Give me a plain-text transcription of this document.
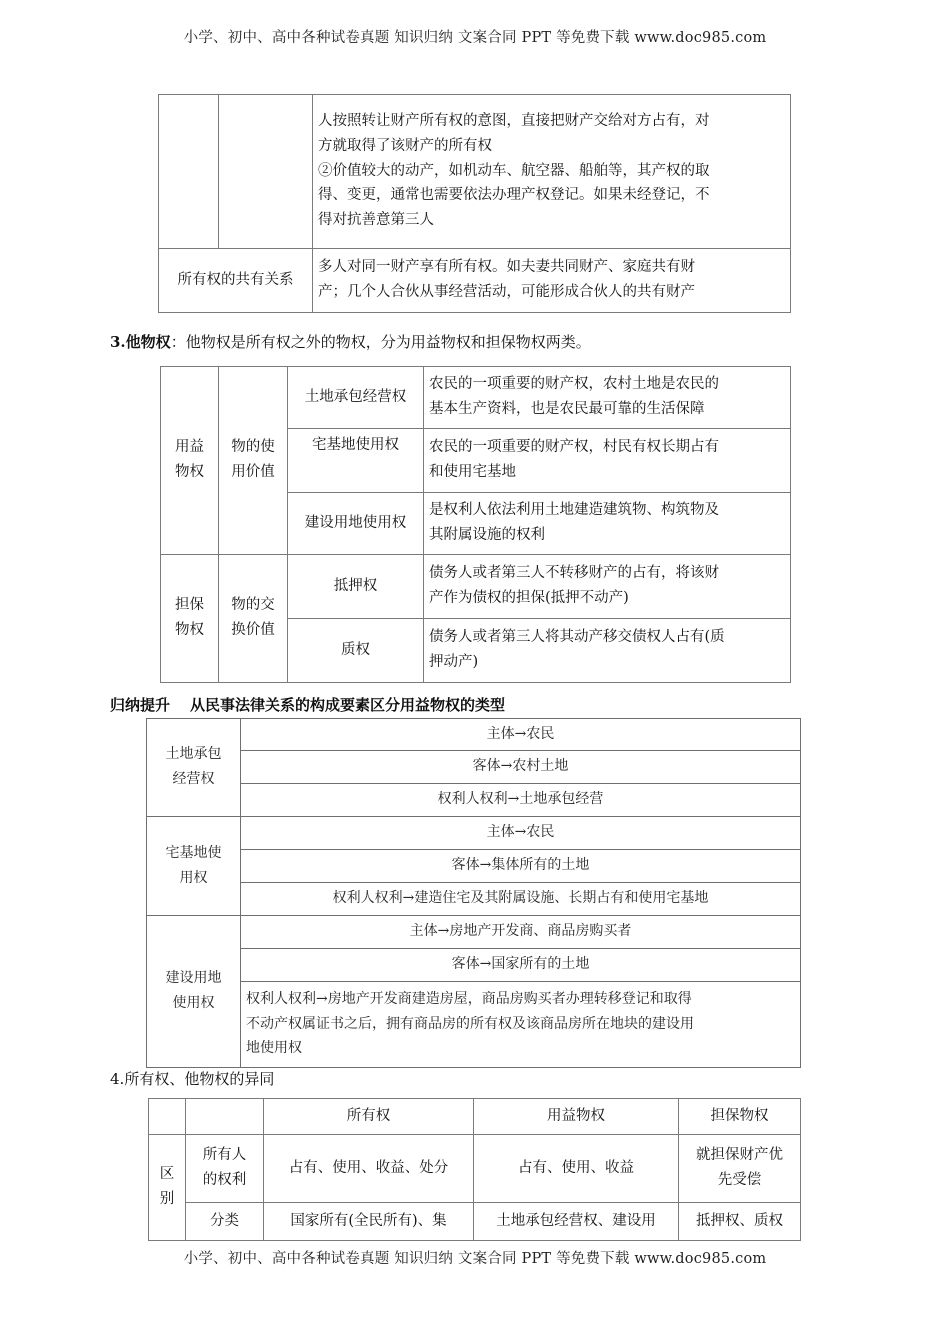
小学、初中、高中各种试卷真题 知识归纳 文案合同 PPT 等免费下载 www.doc985.com
		人按照转让财产所有权的意图，直接把财产交给对方占有，对
方就取得了该财产的所有权
②价值较大的动产，如机动车、航空器、船舶等，其产权的取
得、变更，通常也需要依法办理产权登记。如果未经登记，不
得对抗善意第三人
所有权的共有关系		多人对同一财产享有所有权。如夫妻共同财产、家庭共有财
产；几个人合伙从事经营活动，可能形成合伙人的共有财产
3.他物权：他物权是所有权之外的物权，分为用益物权和担保物权两类。
用益
物权	物的使
用价值	土地承包经营权	农民的一项重要的财产权，农村土地是农民的
基本生产资料，也是农民最可靠的生活保障
		宅基地使用权	农民的一项重要的财产权，村民有权长期占有
和使用宅基地
		建设用地使用权	是权利人依法利用土地建造建筑物、构筑物及
其附属设施的权利
担保
物权	物的交
换价值	抵押权	债务人或者第三人不转移财产的占有，将该财
产作为债权的担保(抵押不动产)
		质权	债务人或者第三人将其动产移交债权人占有(质
押动产)
归纳提升 从民事法律关系的构成要素区分用益物权的类型
土地承包
经营权	主体→农民
	客体→农村土地
	权利人权利→土地承包经营
宅基地使
用权	主体→农民
	客体→集体所有的土地
	权利人权利→建造住宅及其附属设施、长期占有和使用宅基地
建设用地
使用权	主体→房地产开发商、商品房购买者
	客体→国家所有的土地
	权利人权利→房地产开发商建造房屋，商品房购买者办理转移登记和取得
不动产权属证书之后，拥有商品房的所有权及该商品房所在地块的建设用
地使用权
4.所有权、他物权的异同
		所有权	用益物权	担保物权
区
别	所有人
的权利	占有、使用、收益、处分	占有、使用、收益	就担保财产优
先受偿
	分类	国家所有(全民所有)、集	土地承包经营权、建设用	抵押权、质权
小学、初中、高中各种试卷真题 知识归纳 文案合同 PPT 等免费下载 www.doc985.com
